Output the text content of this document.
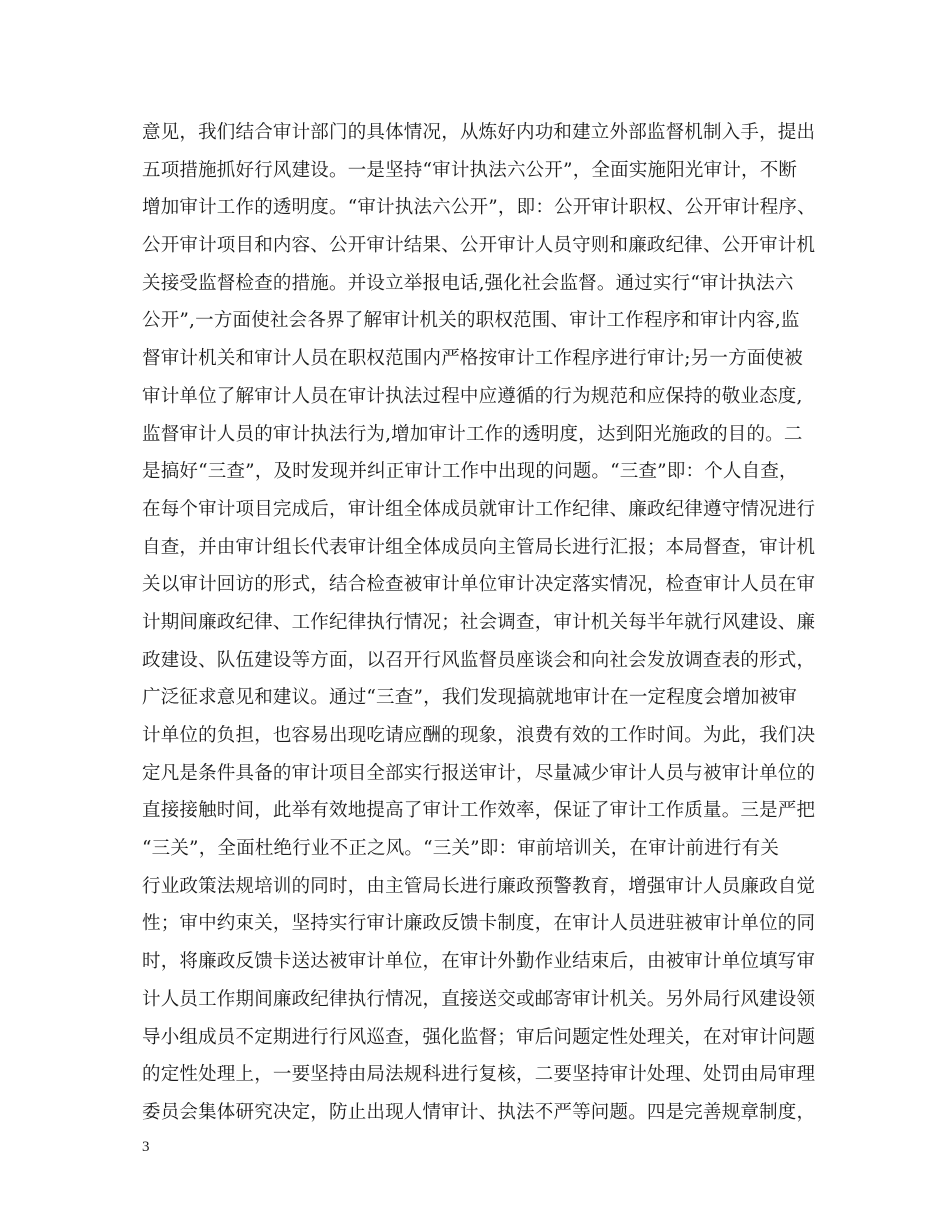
意见，我们结合审计部门的具体情况，从炼好内功和建立外部监督机制入手，提出
五项措施抓好行风建设。一是坚持“审计执法六公开”，全面实施阳光审计，不断
增加审计工作的透明度。“审计执法六公开”，即：公开审计职权、公开审计程序、
公开审计项目和内容、公开审计结果、公开审计人员守则和廉政纪律、公开审计机
关接受监督检查的措施。并设立举报电话,强化社会监督。通过实行“审计执法六
公开”,一方面使社会各界了解审计机关的职权范围、审计工作程序和审计内容,监
督审计机关和审计人员在职权范围内严格按审计工作程序进行审计;另一方面使被
审计单位了解审计人员在审计执法过程中应遵循的行为规范和应保持的敬业态度,
监督审计人员的审计执法行为,增加审计工作的透明度，达到阳光施政的目的。二
是搞好“三查”，及时发现并纠正审计工作中出现的问题。“三查”即：个人自查，
在每个审计项目完成后，审计组全体成员就审计工作纪律、廉政纪律遵守情况进行
自查，并由审计组长代表审计组全体成员向主管局长进行汇报；本局督查，审计机
关以审计回访的形式，结合检查被审计单位审计决定落实情况，检查审计人员在审
计期间廉政纪律、工作纪律执行情况；社会调查，审计机关每半年就行风建设、廉
政建设、队伍建设等方面，以召开行风监督员座谈会和向社会发放调查表的形式，
广泛征求意见和建议。通过“三查”，我们发现搞就地审计在一定程度会增加被审
计单位的负担，也容易出现吃请应酬的现象，浪费有效的工作时间。为此，我们决
定凡是条件具备的审计项目全部实行报送审计，尽量减少审计人员与被审计单位的
直接接触时间，此举有效地提高了审计工作效率，保证了审计工作质量。三是严把
“三关”，全面杜绝行业不正之风。“三关”即：审前培训关，在审计前进行有关
行业政策法规培训的同时，由主管局长进行廉政预警教育，增强审计人员廉政自觉
性；审中约束关，坚持实行审计廉政反馈卡制度，在审计人员进驻被审计单位的同
时，将廉政反馈卡送达被审计单位，在审计外勤作业结束后，由被审计单位填写审
计人员工作期间廉政纪律执行情况，直接送交或邮寄审计机关。另外局行风建设领
导小组成员不定期进行行风巡查，强化监督；审后问题定性处理关，在对审计问题
的定性处理上，一要坚持由局法规科进行复核，二要坚持审计处理、处罚由局审理
委员会集体研究决定，防止出现人情审计、执法不严等问题。四是完善规章制度，
3
